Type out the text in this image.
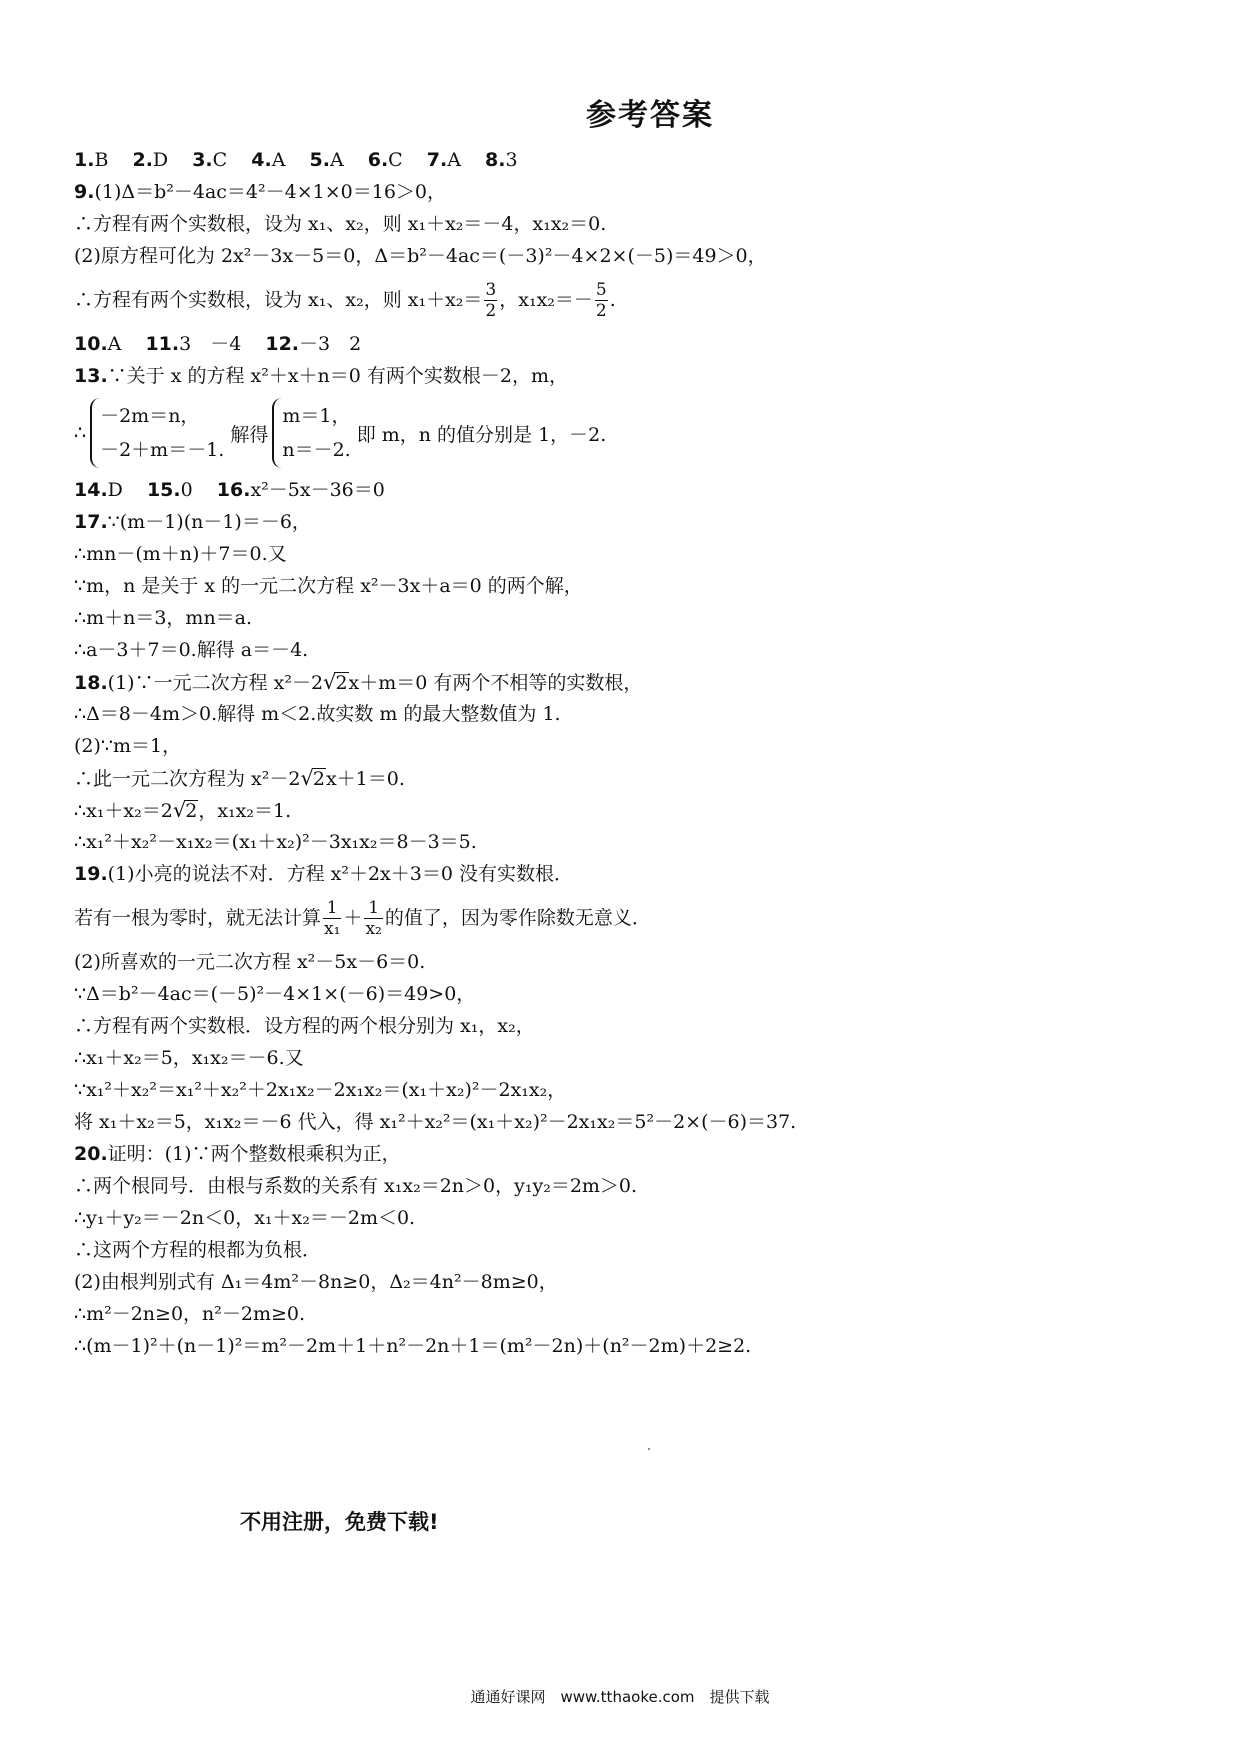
参考答案
1.B 2.D 3.C 4.A 5.A 6.C 7.A 8.3
9.(1)Δ＝b²－4ac＝4²－4×1×0＝16＞0，
∴方程有两个实数根，设为 x₁、x₂，则 x₁＋x₂＝－4，x₁x₂＝0.
(2)原方程可化为 2x²－3x－5＝0，Δ＝b²－4ac＝(－3)²－4×2×(－5)＝49＞0，
∴方程有两个实数根，设为 x₁、x₂，则 $x_1+x_2= \frac{3}{2}$ ，$x_1x_2=- \frac{5}{2}$ .
10.A 11.3　－4 12.－3　2
13.∵关于 x 的方程 x²＋x＋n＝0 有两个实数根－2，m，
∴
－2m＝n，
－2＋m＝－1.
解得
m＝1，
n＝－2.
即 m，n 的值分别是 1，－2.
14.D 15.0 16.x²－5x－36＝0
17.∵(m－1)(n－1)＝－6，
∴mn－(m＋n)＋7＝0.又
∵m，n 是关于 x 的一元二次方程 x²－3x＋a＝0 的两个解，
∴m＋n＝3，mn＝a.
∴a－3＋7＝0.解得 a＝－4.
18.(1)∵一元二次方程 x²－2√2x＋m＝0 有两个不相等的实数根，
∴Δ＝8－4m＞0.解得 m＜2.故实数 m 的最大整数值为 1.
(2)∵m＝1，
∴此一元二次方程为 x²－2√2x＋1＝0.
∴x₁＋x₂＝2√2，x₁x₂＝1.
∴x₁²＋x₂²－x₁x₂＝(x₁＋x₂)²－3x₁x₂＝8－3＝5.
19.(1)小亮的说法不对．方程 x²＋2x＋3＝0 没有实数根．
若有一根为零时，就无法计算 $\frac{1}{\text{x₁}} + \frac{1}{\text{x₂}}$ 的值了，因为零作除数无意义．
(2)所喜欢的一元二次方程 x²－5x－6＝0.
∵Δ＝b²－4ac＝(－5)²－4×1×(－6)＝49>0，
∴方程有两个实数根．设方程的两个根分别为 x₁，x₂，
∴x₁＋x₂＝5，x₁x₂＝－6.又
∵x₁²＋x₂²＝x₁²＋x₂²＋2x₁x₂－2x₁x₂＝(x₁＋x₂)²－2x₁x₂，
将 x₁＋x₂＝5，x₁x₂＝－6 代入，得 x₁²＋x₂²＝(x₁＋x₂)²－2x₁x₂＝5²－2×(－6)＝37.
20.证明：(1)∵两个整数根乘积为正，
∴两个根同号．由根与系数的关系有 x₁x₂＝2n＞0，y₁y₂＝2m＞0.
∴y₁＋y₂＝－2n＜0，x₁＋x₂＝－2m＜0.
∴这两个方程的根都为负根．
(2)由根判别式有 Δ₁＝4m²－8n≥0，Δ₂＝4n²－8m≥0，
∴m²－2n≥0，n²－2m≥0.
∴(m－1)²＋(n－1)²＝m²－2m＋1＋n²－2n＋1＝(m²－2n)＋(n²－2m)＋2≥2.
不用注册，免费下载!
通通好课网　www.tthaoke.com　提供下载
